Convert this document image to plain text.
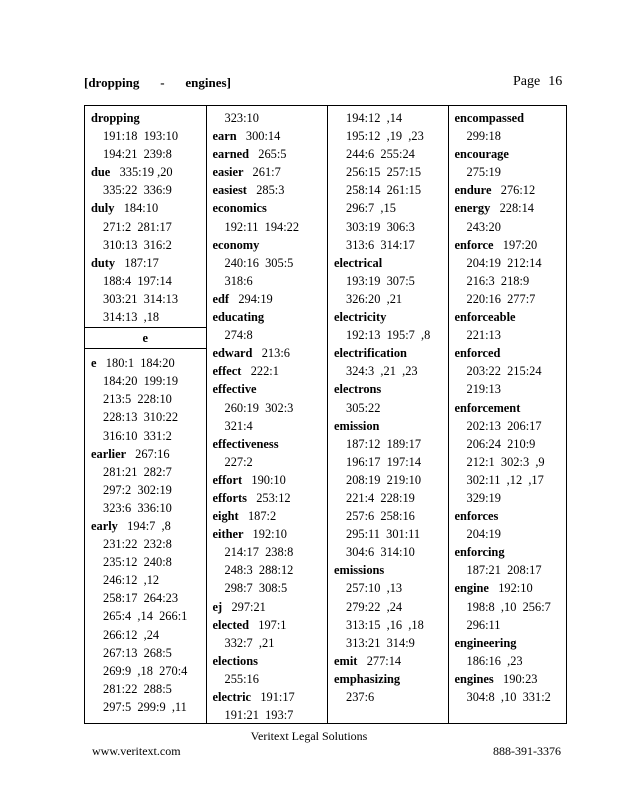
[dropping - engines]	Page 16
dropping
191:18  193:10
194:21  239:8
due 335:19 ,20
335:22  336:9
duly 184:10
271:2  281:17
310:13  316:2
duty 187:17
188:4  197:14
303:21  314:13
314:13  ,18
e
e 180:1  184:20
184:20  199:19
213:5  228:10
228:13  310:22
316:10  331:2
earlier 267:16
281:21  282:7
297:2  302:19
323:6  336:10
early 194:7  ,8
231:22  232:8
235:12  240:8
246:12  ,12
258:17  264:23
265:4  ,14  266:1
266:12  ,24
267:13  268:5
269:9  ,18  270:4
281:22  288:5
297:5  299:9  ,11
323:10
earn 300:14
earned 265:5
easier 261:7
easiest 285:3
economics
192:11  194:22
economy
240:16  305:5
318:6
edf 294:19
educating
274:8
edward 213:6
effect 222:1
effective
260:19  302:3
321:4
effectiveness
227:2
effort 190:10
efforts 253:12
eight 187:2
either 192:10
214:17  238:8
248:3  288:12
298:7  308:5
ej 297:21
elected 197:1
332:7  ,21
elections
255:16
electric 191:17
191:21  193:7
194:12  ,14
195:12  ,19  ,23
244:6  255:24
256:15  257:15
258:14  261:15
296:7  ,15
303:19  306:3
313:6  314:17
electrical
193:19  307:5
326:20  ,21
electricity
192:13  195:7  ,8
electrification
324:3  ,21  ,23
electrons
305:22
emission
187:12  189:17
196:17  197:14
208:19  219:10
221:4  228:19
257:6  258:16
295:11  301:11
304:6  314:10
emissions
257:10  ,13
279:22  ,24
313:15  ,16  ,18
313:21  314:9
emit 277:14
emphasizing
237:6
encompassed
299:18
encourage
275:19
endure 276:12
energy 228:14
243:20
enforce 197:20
204:19  212:14
216:3  218:9
220:16  277:7
enforceable
221:13
enforced
203:22  215:24
219:13
enforcement
202:13  206:17
206:24  210:9
212:1  302:3  ,9
302:11  ,12  ,17
329:19
enforces
204:19
enforcing
187:21  208:17
engine 192:10
198:8  ,10  256:7
296:11
engineering
186:16  ,23
engines 190:23
304:8  ,10  331:2
Veritext Legal Solutions
www.veritext.com	888-391-3376
